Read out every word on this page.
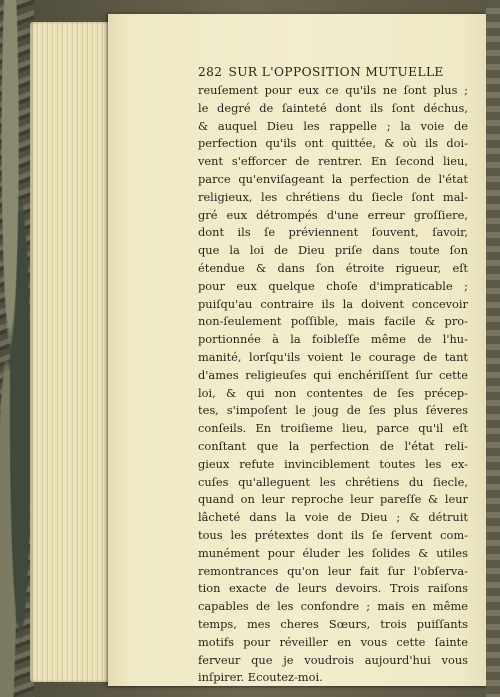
282 SUR L'OPPOSITION MUTUELLE
reuſement pour eux ce qu'ils ne ſont plus ;
le degré de ſainteté dont ils ſont déchus,
& auquel Dieu les rappelle ; la voie de
perfection qu'ils ont quittée, & où ils doi-
vent s'efforcer de rentrer. En ſecond lieu,
parce qu'enviſageant la perfection de l'état
religieux, les chrétiens du ſiecle ſont mal-
gré eux détrompés d'une erreur groſſiere,
dont ils ſe préviennent ſouvent, ſavoir,
que la loi de Dieu priſe dans toute ſon
étendue & dans ſon étroite rigueur, eſt
pour eux quelque choſe d'impraticable ;
puiſqu'au contraire ils la doivent concevoir
non-ſeulement poſſible, mais facile & pro-
portionnée à la foibleſſe même de l'hu-
manité, lorſqu'ils voient le courage de tant
d'ames religieuſes qui enchériſſent ſur cette
loi, & qui non contentes de ſes précep-
tes, s'impoſent le joug de ſes plus ſéveres
conſeils. En troiſieme lieu, parce qu'il eſt
conſtant que la perfection de l'état reli-
gieux refute invinciblement toutes les ex-
cuſes qu'alleguent les chrétiens du ſiecle,
quand on leur reproche leur pareſſe & leur
lâcheté dans la voie de Dieu ; & détruit
tous les prétextes dont ils ſe ſervent com-
munément pour éluder les ſolides & utiles
remontrances qu'on leur fait ſur l'obſerva-
tion exacte de leurs devoirs. Trois raiſons
capables de les confondre ; mais en même
temps, mes cheres Sœurs, trois puiſſants
motifs pour réveiller en vous cette ſainte
ferveur que je voudrois aujourd'hui vous
inſpirer. Ecoutez-moi.
